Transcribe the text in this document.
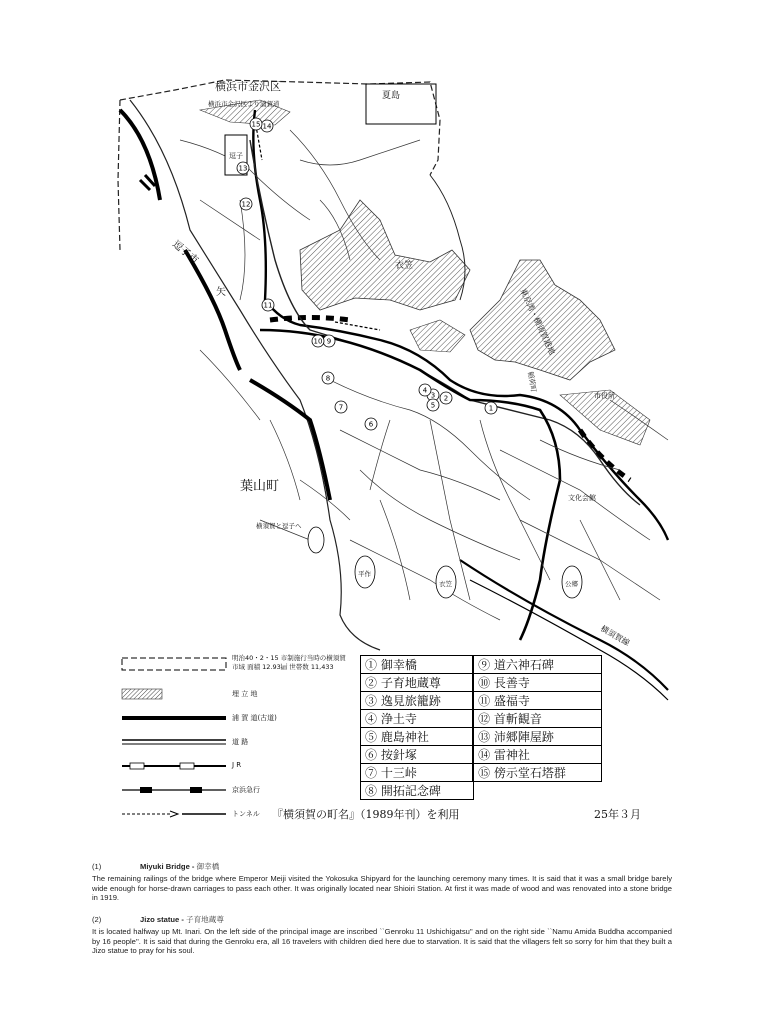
横浜市金沢区
夏島
横浜市金沢区より浦賀道
逗子
逗子市
矢
衣笠
東京湾・横須賀港地
稲荷町
葉山町
横須賀と逗子へ
市役所
文化会館
平作
衣笠	公郷
横須賀線
1
2
3
4
5
6
7
8
9
10
11
12
13
14
15
明治40・2・15 市制施行当時の横須賀市域 面積 12.93㎢ 世帯数 11,433
埋 立 地
浦 賀 道(古道)
道 路
J R
京浜急行
トンネル
① 御幸橋	⑨ 道六神石碑
② 子育地蔵尊	⑩ 長善寺
③ 逸見旅籠跡	⑪ 盛福寺
④ 浄土寺	⑫ 首斬観音
⑤ 鹿島神社	⑬ 沛郷陣屋跡
⑥ 按針塚	⑭ 雷神社
⑦ 十三峠	⑮ 傍示堂石塔群
⑧ 開拓記念碑	
『横須賀の町名』（1989年刊）を利用	25年３月
(1)	Miyuki Bridge - 御幸橋

The remaining railings of the bridge where Emperor Meiji visited the Yokosuka Shipyard for the launching ceremony many times. It is said that it was a small bridge barely wide enough for horse-drawn carriages to pass each other. It was originally located near Shioiri Station. At first it was made of wood and was renovated into a stone bridge in 1919.

(2)	Jizo statue - 子育地蔵尊

It is located halfway up Mt. Inari. On the left side of the principal image are inscribed ``Genroku 11 Ushichigatsu'' and on the right side ``Namu Amida Buddha accompanied by 16 people''. It is said that during the Genroku era, all 16 travelers with children died here due to starvation. It is said that the villagers felt so sorry for him that they built a Jizo statue to pray for his soul.
